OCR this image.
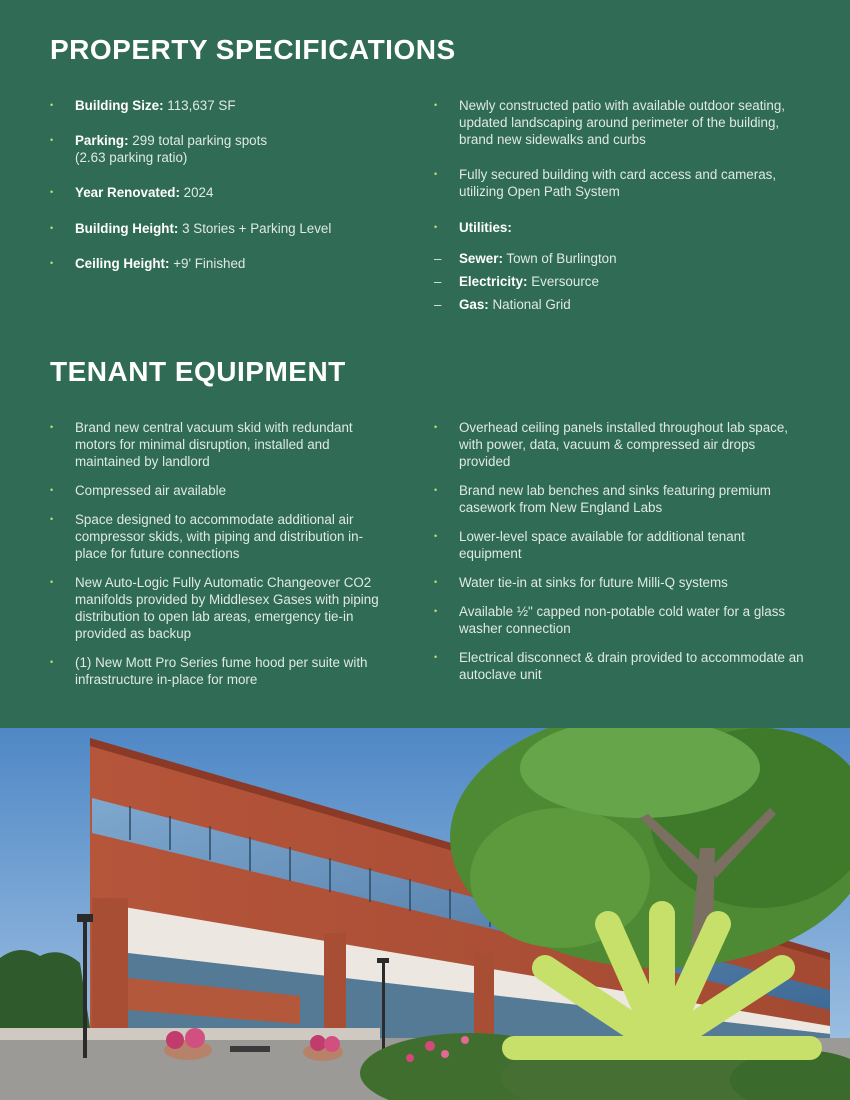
PROPERTY SPECIFICATIONS
• Building Size: 113,637 SF
• Parking: 299 total parking spots
(2.63 parking ratio)
• Year Renovated: 2024
• Building Height: 3 Stories + Parking Level
• Ceiling Height: +9' Finished
• Newly constructed patio with available outdoor seating, updated landscaping around perimeter of the building, brand new sidewalks and curbs
• Fully secured building with card access and cameras, utilizing Open Path System
• Utilities:
– Sewer: Town of Burlington
– Electricity: Eversource
– Gas: National Grid
TENANT EQUIPMENT
• Brand new central vacuum skid with redundant motors for minimal disruption, installed and maintained by landlord
• Compressed air available
• Space designed to accommodate additional air compressor skids, with piping and distribution in-place for future connections
• New Auto-Logic Fully Automatic Changeover CO2 manifolds provided by Middlesex Gases with piping distribution to open lab areas, emergency tie-in provided as backup
• (1) New Mott Pro Series fume hood per suite with infrastructure in-place for more
• Overhead ceiling panels installed throughout lab space, with power, data, vacuum & compressed air drops provided
• Brand new lab benches and sinks featuring premium casework from New England Labs
• Lower-level space available for additional tenant equipment
• Water tie-in at sinks for future Milli-Q systems
• Available ½" capped non-potable cold water for a glass washer connection
• Electrical disconnect & drain provided to accommodate an autoclave unit
